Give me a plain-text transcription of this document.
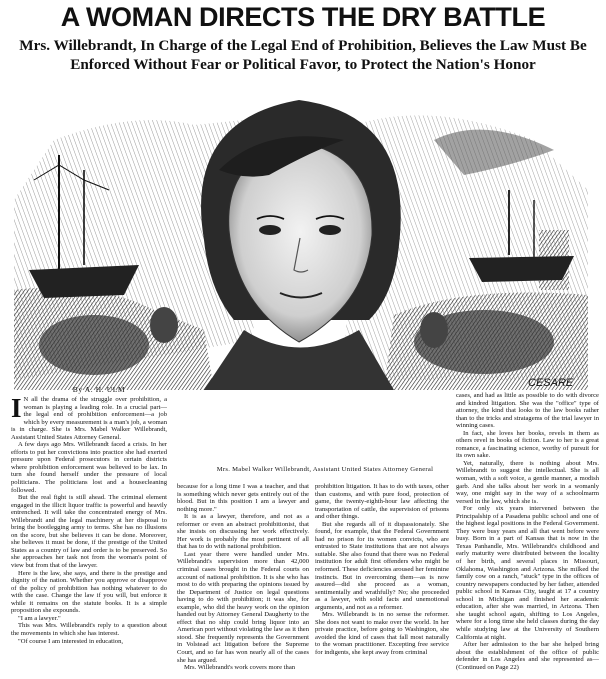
A WOMAN DIRECTS THE DRY BATTLE

Mrs. Willebrandt, In Charge of the Legal End of Prohibition, Believes the Law Must Be Enforced Without Fear or Political Favor, to Protect the Nation's Honor

CESARE
By A. H. ULM
Mrs. Mabel Walker Willebrandt, Assistant United States Attorney General

I N all the drama of the struggle over prohibition, a woman is playing a leading role. In a crucial part—the legal end of prohibition enforcement—a job which by every measurement is a man's job, a woman is in charge. She is Mrs. Mabel Walker Willebrandt, Assistant United States Attorney General.

A few days ago Mrs. Willebrandt faced a crisis. In her efforts to put her convictions into practice she had exerted pressure upon Federal prosecutors in certain districts where prohibition enforcement was believed to be lax. In turn she found herself under the pressure of local politicians. The politicians lost and a housecleaning followed.

But the real fight is still ahead. The criminal element engaged in the illicit liquor traffic is powerful and heavily entrenched. It will take the concentrated energy of Mrs. Willebrandt and the legal machinery at her disposal to bring the bootlegging army to terms. She has no illusions on the score, but she believes it can be done. Moreover, she believes it must be done, if the prestige of the United States as a country of law and order is to be preserved. So she approaches her task not from the woman's point of view but from that of the lawyer.

Here is the law, she says, and there is the prestige and dignity of the nation. Whether you approve or disapprove of the policy of prohibition has nothing whatever to do with the case. Change the law if you will, but enforce it while it remains on the statute books. It is a simple proposition she expounds.

"I am a lawyer."

This was Mrs. Willebrandt's reply to a question about the movements in which she has interest.

"Of course I am interested in education,

because for a long time I was a teacher, and that is something which never gets entirely out of the blood. But in this position I am a lawyer and nothing more."

It is as a lawyer, therefore, and not as a reformer or even an abstract prohibitionist, that she insists on discussing her work effectively. Her work is probably the most pertinent of all that has to do with national prohibition.

Last year there were handled under Mrs. Willebrandt's supervision more than 42,000 criminal cases brought in the Federal courts on account of national prohibition. It is she who has most to do with preparing the opinions issued by the Department of Justice on legal questions having to do with prohibition; it was she, for example, who did the heavy work on the opinion handed out by Attorney General Daugherty to the effect that no ship could bring liquor into an American port without violating the law as it then stood. She frequently represents the Government in Volstead act litigation before the Supreme Court, and so far has won nearly all of the cases she has argued.

Mrs. Willebrandt's work covers more than

prohibition litigation. It has to do with taxes, other than customs, and with pure food, protection of game, the twenty-eighth-hour law affecting the transportation of cattle, the supervision of prisons and other things.

But she regards all of it dispassionately. She found, for example, that the Federal Government had no prison for its women convicts, who are entrusted to State institutions that are not always suitable. She also found that there was no Federal institution for adult first offenders who might be reformed. These deficiencies aroused her feminine instincts. But in overcoming them—as is now assured—did she proceed as a woman, sentimentally and wrathfully? No; she proceeded as a lawyer, with solid facts and unemotional arguments, and not as a reformer.

Mrs. Willebrandt is in no sense the reformer. She does not want to make over the world. In her private practice, before going to Washington, she avoided the kind of cases that fall most naturally to the woman practitioner. Excepting free service for indigents, she kept away from criminal

cases, and had as little as possible to do with divorce and kindred litigation. She was the "office" type of attorney, the kind that looks to the law books rather than to the tricks and stratagems of the trial lawyer in winning cases.

In fact, she loves her books, revels in them as others revel in books of fiction. Law to her is a great romance, a fascinating science, worthy of pursuit for its own sake.

Yet, naturally, there is nothing about Mrs. Willebrandt to suggest the intellectual. She is all woman, with a soft voice, a gentle manner, a modish garb. And she talks about her work in a womanly way, one might say in the way of a schoolmarm versed in the law, which she is.

For only six years intervened between the Principalship of a Pasadena public school and one of the highest legal positions in the Federal Government. They were busy years and all that went before were busy. Born in a part of Kansas that is now in the Texas Panhandle, Mrs. Willebrandt's childhood and early maturity were distributed between the locality of her birth, and several places in Missouri, Oklahoma, Washington and Arizona. She milked the family cow on a ranch, "stuck" type in the offices of country newspapers conducted by her father, attended public school in Kansas City, taught at 17 a country school in Michigan and finished her academic education, after she was married, in Arizona. Then she taught school again, shifting to Los Angeles, where for a long time she held classes during the day while studying law at the University of Southern California at night.

After her admission to the bar she helped bring about the establishment of the office of public defender in Los Angeles and she represented as—(Continued on Page 22)
